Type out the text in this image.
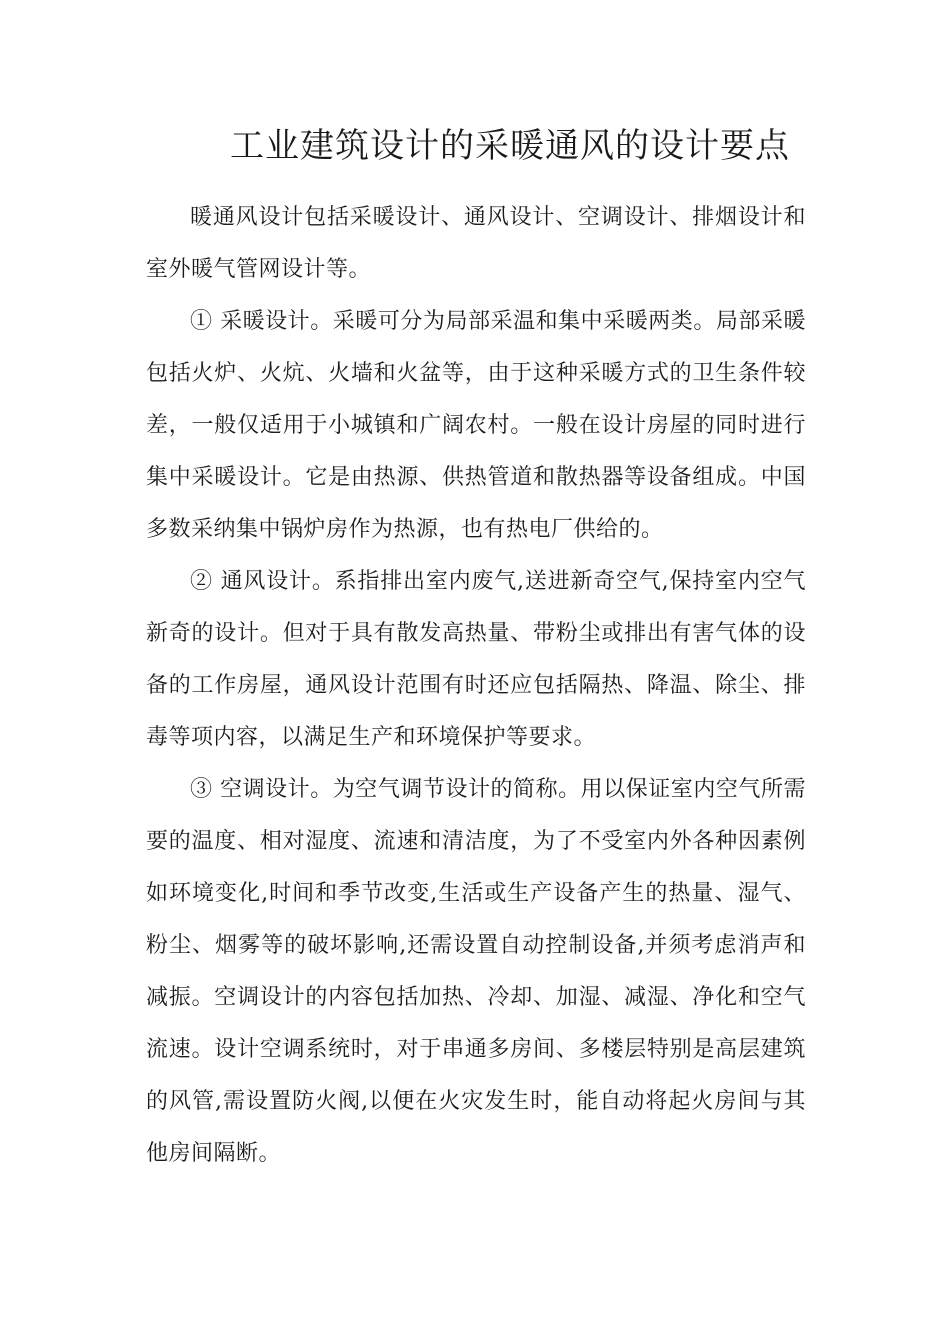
工业建筑设计的采暖通风的设计要点

暖通风设计包括采暖设计、通风设计、空调设计、排烟设计和室外暖气管网设计等。

① 采暖设计。采暖可分为局部采温和集中采暖两类。局部采暖包括火炉、火炕、火墙和火盆等，由于这种采暖方式的卫生条件较差，一般仅适用于小城镇和广阔农村。一般在设计房屋的同时进行集中采暖设计。它是由热源、供热管道和散热器等设备组成。中国多数采纳集中锅炉房作为热源，也有热电厂供给的。

② 通风设计。系指排出室内废气,送进新奇空气,保持室内空气新奇的设计。但对于具有散发高热量、带粉尘或排出有害气体的设备的工作房屋，通风设计范围有时还应包括隔热、降温、除尘、排毒等项内容，以满足生产和环境保护等要求。

③ 空调设计。为空气调节设计的简称。用以保证室内空气所需要的温度、相对湿度、流速和清洁度，为了不受室内外各种因素例如环境变化,时间和季节改变,生活或生产设备产生的热量、湿气、粉尘、烟雾等的破坏影响,还需设置自动控制设备,并须考虑消声和减振。空调设计的内容包括加热、冷却、加湿、减湿、净化和空气流速。设计空调系统时，对于串通多房间、多楼层特别是高层建筑的风管,需设置防火阀,以便在火灾发生时，能自动将起火房间与其他房间隔断。
